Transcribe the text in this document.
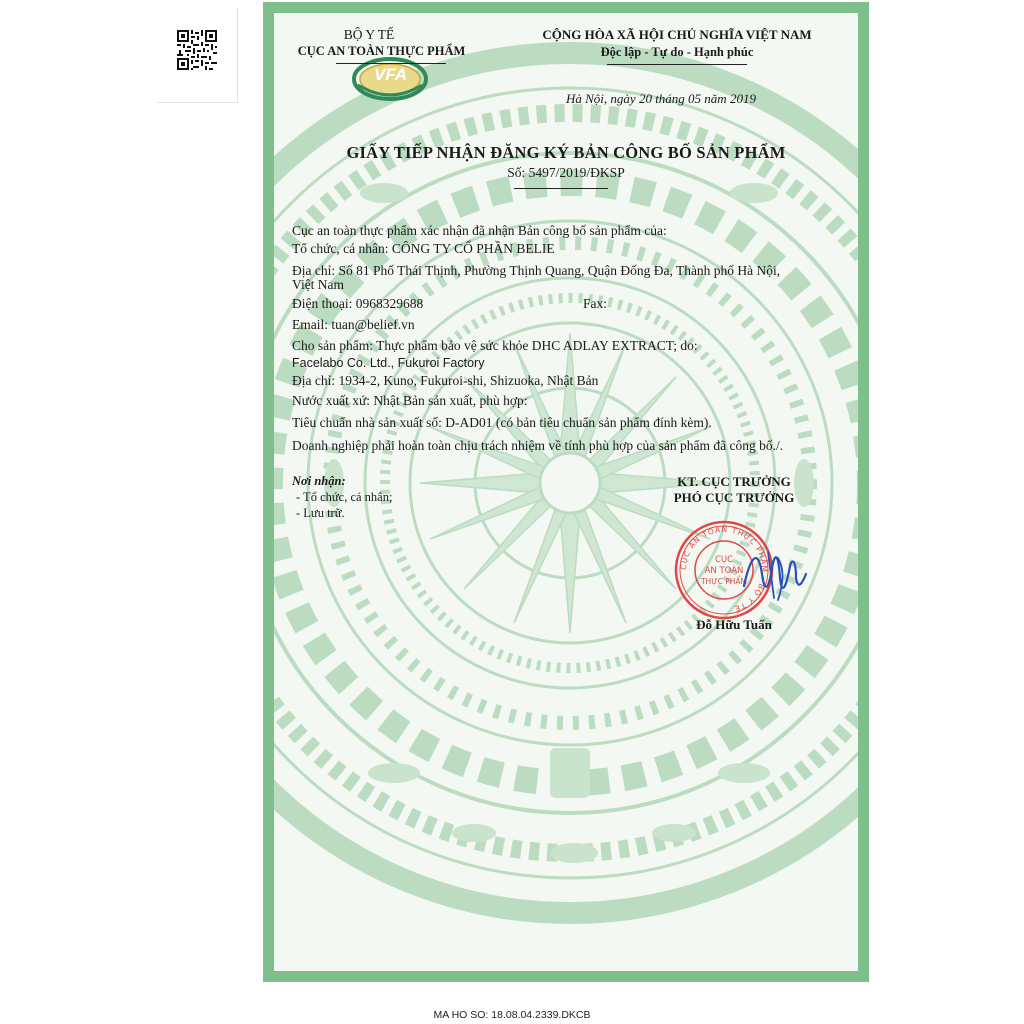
VFA
BỘ Y TẾ
CỤC AN TOÀN THỰC PHẨM
CỘNG HÒA XÃ HỘI CHỦ NGHĨA VIỆT NAM
Độc lập - Tự do - Hạnh phúc
Hà Nội, ngày 20 tháng 05 năm 2019
GIẤY TIẾP NHẬN ĐĂNG KÝ BẢN CÔNG BỐ SẢN PHẨM
Số: 5497/2019/ĐKSP
Cục an toàn thực phẩm xác nhận đã nhận Bản công bố sản phẩm của:
Tổ chức, cá nhân: CÔNG TY CỔ PHẦN BELIE
Địa chỉ: Số 81 Phố Thái Thịnh, Phường Thịnh Quang, Quận Đống Đa, Thành phố Hà Nội,
Việt Nam
Điện thoại: 0968329688	Fax:
Email: tuan@belief.vn
Cho sản phẩm: Thực phẩm bảo vệ sức khỏe DHC ADLAY EXTRACT; do:
Facelabo Co. Ltd., Fukuroi Factory
Địa chỉ: 1934-2, Kuno, Fukuroi-shi, Shizuoka, Nhật Bản
Nước xuất xứ: Nhật Bản sản xuất, phù hợp:
Tiêu chuẩn nhà sản xuất số: D-AD01 (có bản tiêu chuẩn sản phẩm đính kèm).
Doanh nghiệp phải hoàn toàn chịu trách nhiệm về tính phù hợp của sản phẩm đã công bố./.
Nơi nhận:
- Tổ chức, cá nhân;
- Lưu trữ.
KT. CỤC TRƯỞNG
PHÓ CỤC TRƯỞNG
CỤC AN TOÀN THỰC PHẨM · BỘ Y TẾ
CỤC
AN TOÀN
THỰC PHẨM
Đỗ Hữu Tuấn
MA HO SO: 18.08.04.2339.DKCB
